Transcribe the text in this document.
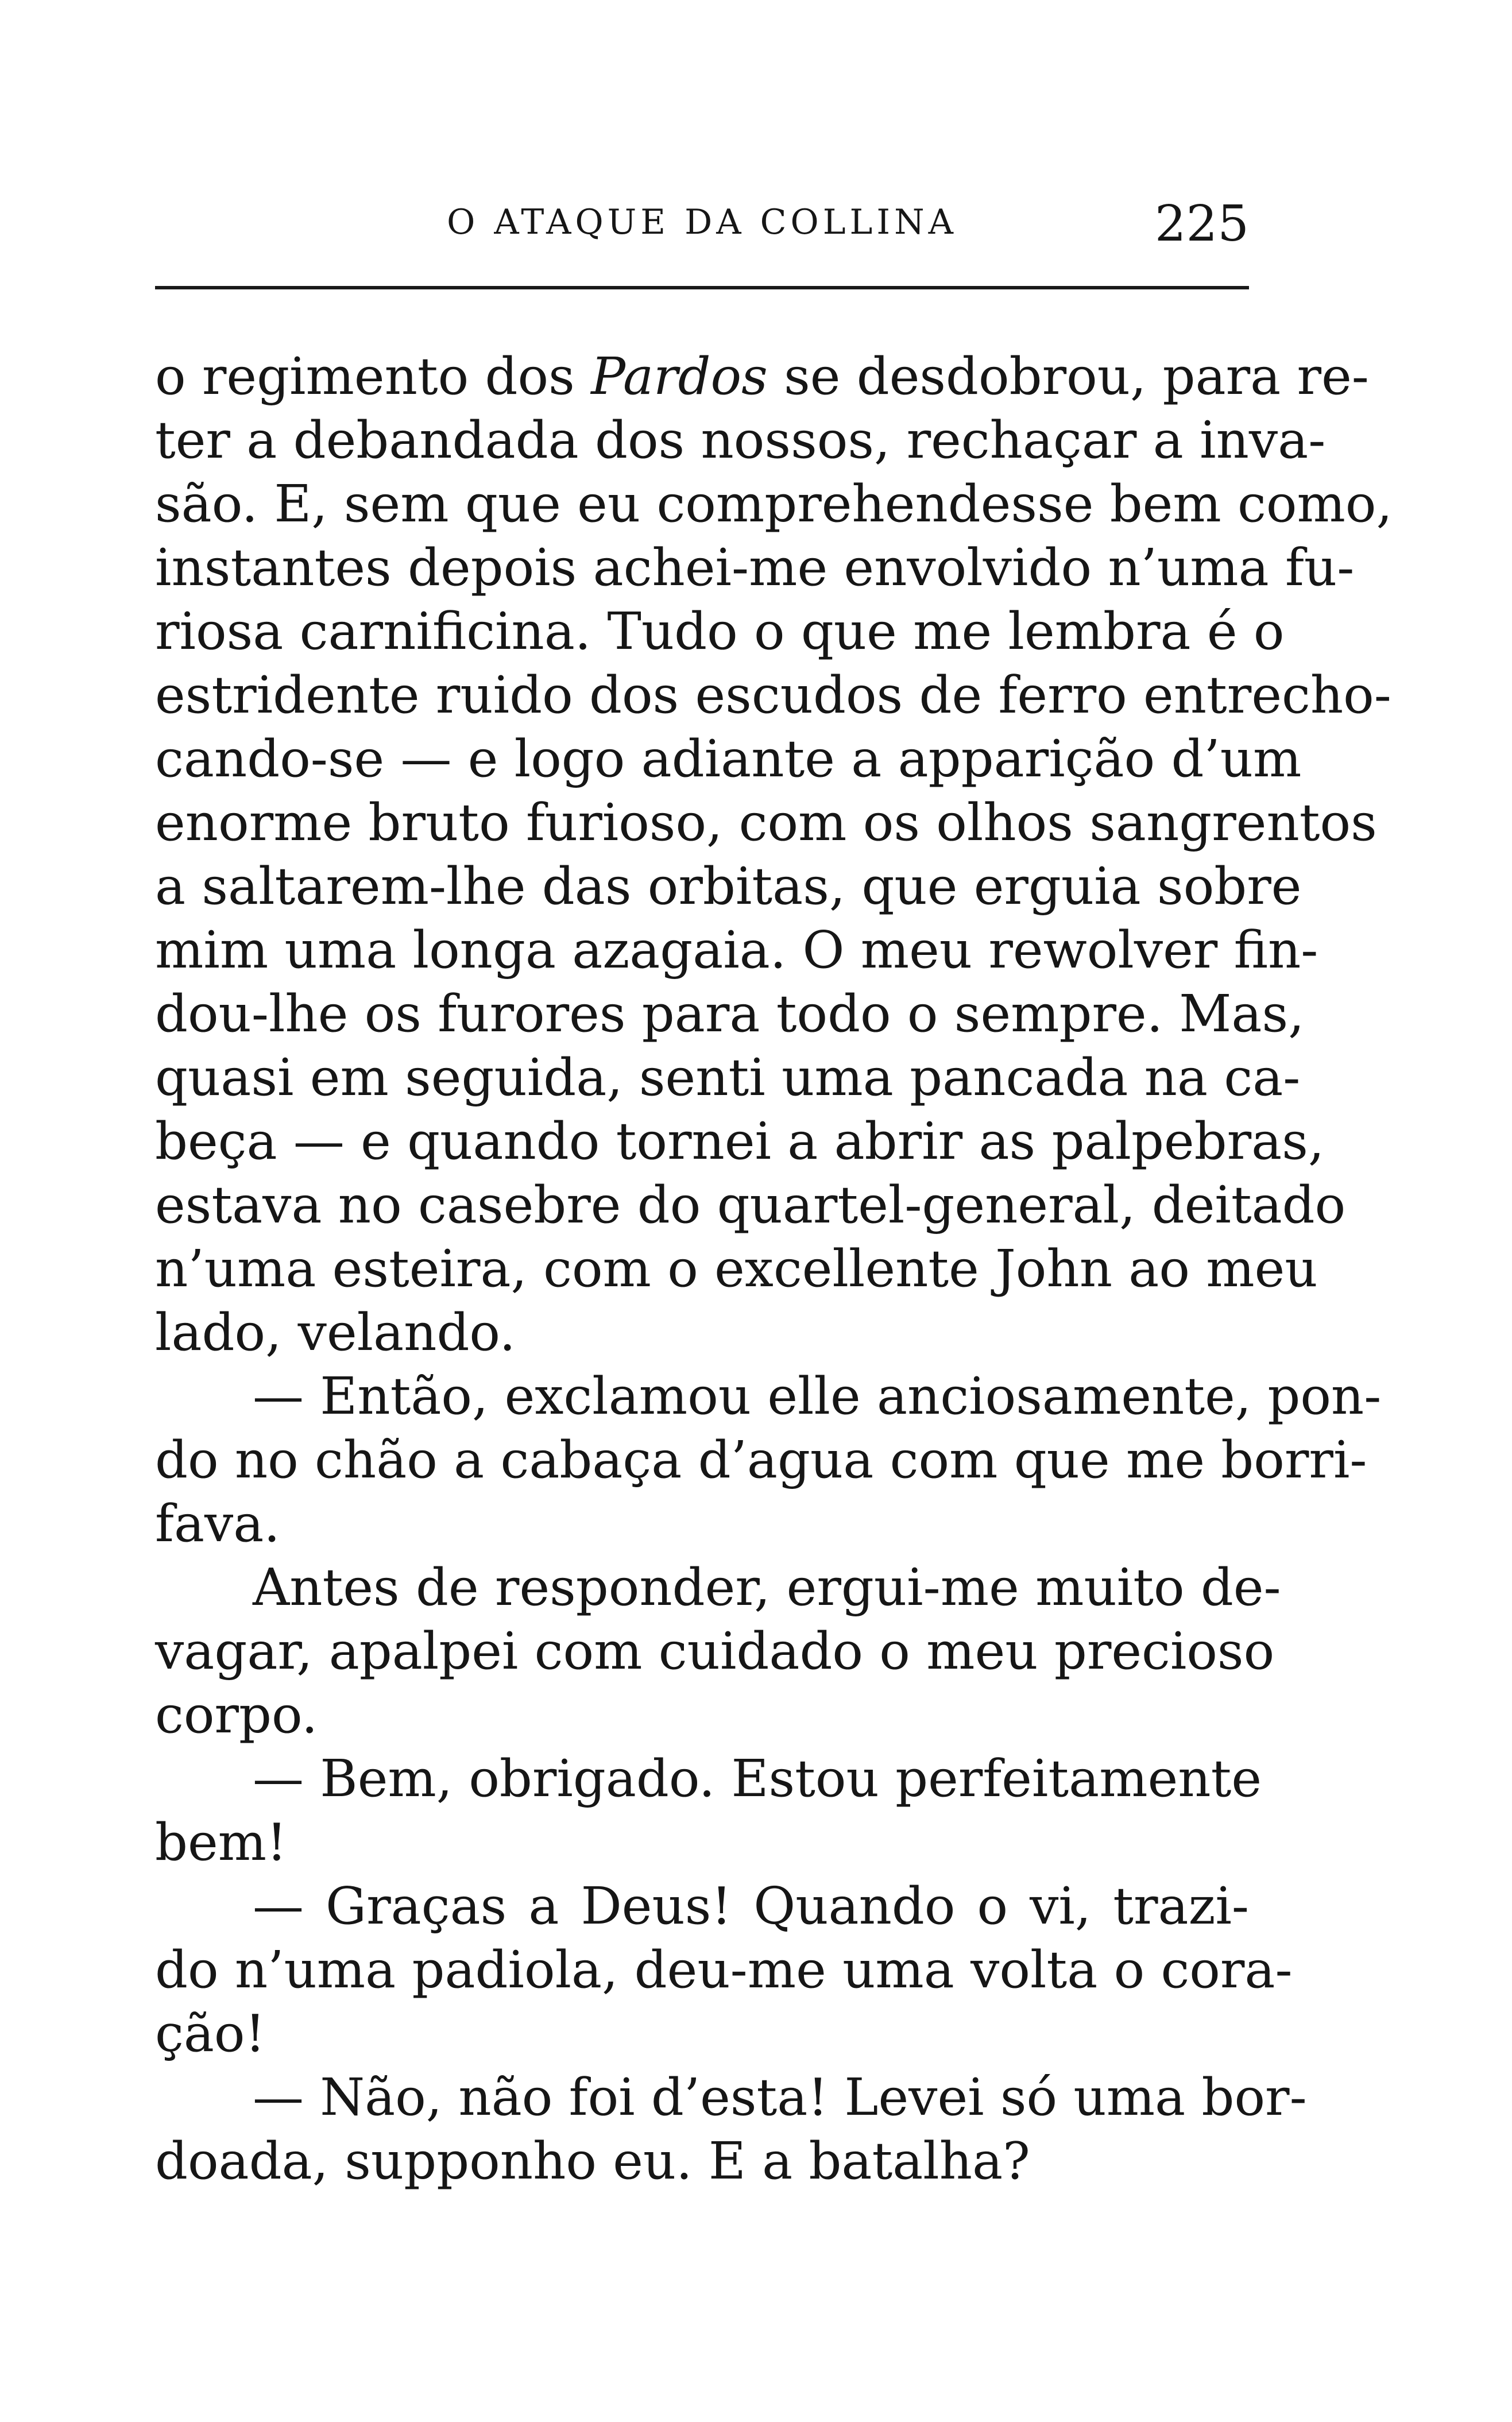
O ATAQUE DA COLLINA	225
o regimento dos Pardos se desdobrou, para re-
ter a debandada dos nossos, rechaçar a inva-
são. E, sem que eu comprehendesse bem como,
instantes depois achei-me envolvido n’uma fu-
riosa carnificina. Tudo o que me lembra é o
estridente ruido dos escudos de ferro entrecho-
cando-se — e logo adiante a apparição d’um
enorme bruto furioso, com os olhos sangrentos
a saltarem-lhe das orbitas, que erguia sobre
mim uma longa azagaia. O meu rewolver fin-
dou-lhe os furores para todo o sempre. Mas,
quasi em seguida, senti uma pancada na ca-
beça — e quando tornei a abrir as palpebras,
estava no casebre do quartel-general, deitado
n’uma esteira, com o excellente John ao meu
lado, velando.
— Então, exclamou elle anciosamente, pon-
do no chão a cabaça d’agua com que me borri-
fava.
Antes de responder, ergui-me muito de-
vagar, apalpei com cuidado o meu precioso
corpo.
— Bem, obrigado. Estou perfeitamente
bem!
— Graças a Deus! Quando o vi, trazi-
do n’uma padiola, deu-me uma volta o cora-
ção!
— Não, não foi d’esta! Levei só uma bor-
doada, supponho eu. E a batalha?
